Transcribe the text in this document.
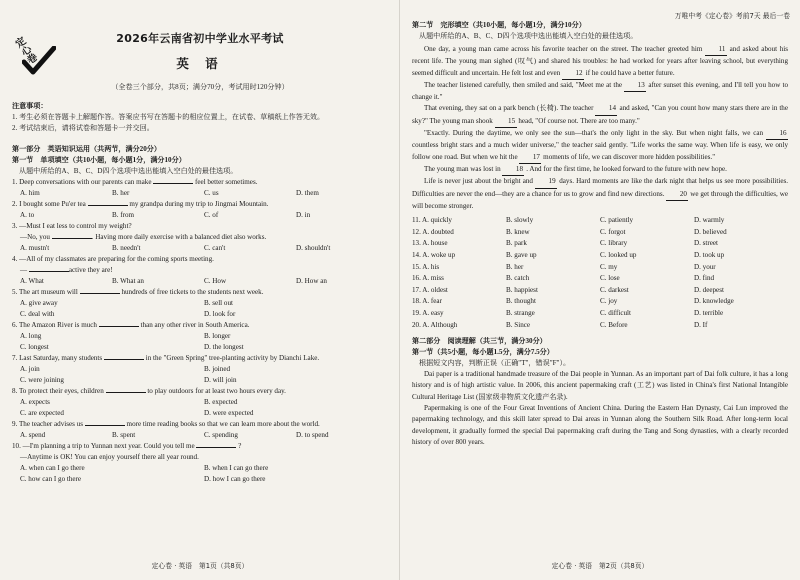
定心卷
2026年云南省初中学业水平考试
英 语
（全卷三个部分，共8页；满分70分，考试用时120分钟）
注意事项：
1. 考生必须在答题卡上解题作答。答案应书写在答题卡的相应位置上，在试卷、草稿纸上作答无效。
2. 考试结束后，请将试卷和答题卡一并交回。
第一部分　英语知识运用（共两节，满分20分）
第一节　单项填空（共10小题，每小题1分，满分10分）
从题中所给的A、B、C、D四个选项中选出能填入空白处的最佳选项。
1. Deep conversations with our parents can make	feel better sometimes.
A. him	B. her	C. us	D. them
2. I bought some Pu'er tea	my grandpa during my trip to Jingmai Mountain.
A. to	B. from	C. of	D. in
3. —Must I eat less to control my weight?
—No, you	. Having more daily exercise with a balanced diet also works.
A. mustn't	B. needn't	C. can't	D. shouldn't
4. —All of my classmates are preparing for the coming sports meeting.
—	active they are!
A. What	B. What an	C. How	D. How an
5. The art museum will	hundreds of free tickets to the students next week.
A. give away	B. sell out
C. deal with	D. look for
6. The Amazon River is much	than any other river in South America.
A. long	B. longer
C. longest	D. the longest
7. Last Saturday, many students	in the "Green Spring" tree-planting activity by Dianchi Lake.
A. join	B. joined
C. were joining	D. will join
8. To protect their eyes, children	to play outdoors for at least two hours every day.
A. expects	B. expected
C. are expected	D. were expected
9. The teacher advises us	more time reading books so that we can learn more about the world.
A. spend	B. spent	C. spending	D. to spend
10. —I'm planning a trip to Yunnan next year. Could you tell me	?
—Anytime is OK! You can enjoy yourself there all year round.
A. when can I go there	B. when I can go there
C. how can I go there	D. how I can go there
定心卷 · 英语　第1页（共8页）
万唯中考《定心卷》考前7天 最后一卷
第二节　完形填空（共10小题，每小题1分，满分10分）
从题中所给的A、B、C、D四个选项中选出能填入空白处的最佳选项。
One day, a young man came across his favorite teacher on the street. The teacher greeted him 11 and asked about his recent life. The young man sighed (叹气) and shared his troubles: he had worked for years after leaving school, but everything seemed difficult and uncertain. He felt lost and even 12 if he could have a better future.
The teacher listened carefully, then smiled and said, "Meet me at the 13 after sunset this evening, and I'll tell you how to change it."
That evening, they sat on a park bench (长椅). The teacher 14 and asked, "Can you count how many stars there are in the sky?" The young man shook 15 head, "Of course not. There are too many."
"Exactly. During the daytime, we only see the sun—that's the only light in the sky. But when night falls, we can 16 countless bright stars and a much wider universe," the teacher said gently. "Life works the same way. When life is easy, we only follow one road. But when we hit the 17 moments of life, we can discover more hidden possibilities."
The young man was lost in 18 . And for the first time, he looked forward to the future with new hope.
Life is never just about the bright and 19 days. Hard moments are like the dark night that helps us see more possibilities. Difficulties are never the end—they are a chance for us to grow and find new directions. 20 we get through the difficulties, we will become stronger.
11. A. quickly	B. slowly	C. patiently	D. warmly
12. A. doubted	B. knew	C. forgot	D. believed
13. A. house	B. park	C. library	D. street
14. A. woke up	B. gave up	C. looked up	D. took up
15. A. his	B. her	C. my	D. your
16. A. miss	B. catch	C. lose	D. find
17. A. oldest	B. happiest	C. darkest	D. deepest
18. A. fear	B. thought	C. joy	D. knowledge
19. A. easy	B. strange	C. difficult	D. terrible
20. A. Although	B. Since	C. Before	D. If
第二部分　阅读理解（共三节，满分30分）
第一节（共5小题，每小题1.5分，满分7.5分）
根据短文内容，判断正误（正确"T"，错误"F"）。
Dai paper is a traditional handmade treasure of the Dai people in Yunnan. As an important part of Dai folk culture, it has a long history and is of high artistic value. In 2006, this ancient papermaking craft (工艺) was listed in China's first National Intangible Cultural Heritage List (国家级非物质文化遗产名录).
Papermaking is one of the Four Great Inventions of Ancient China. During the Eastern Han Dynasty, Cai Lun improved the papermaking technology, and this skill later spread to Dai areas in Yunnan along the Southern Silk Road. After long-term local development, it gradually formed the special Dai papermaking craft during the Tang and Song dynasties, with a clearly recorded history of over 800 years.
定心卷 · 英语　第2页（共8页）
